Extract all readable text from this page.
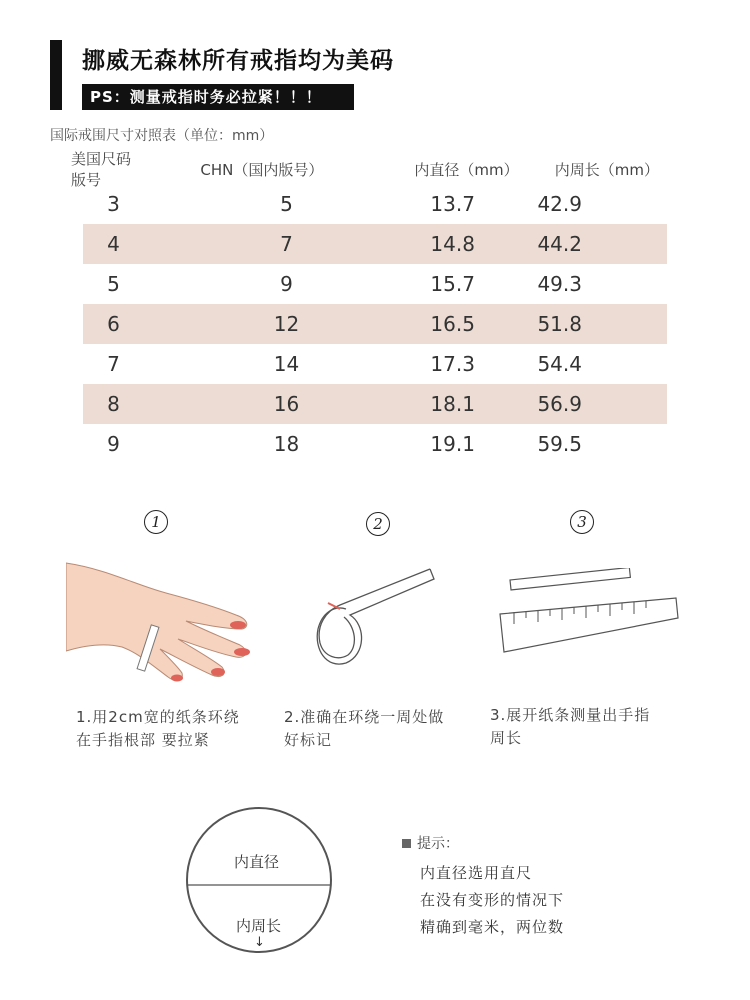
挪威无森林所有戒指均为美码
PS：测量戒指时务必拉紧！！！
国际戒围尺寸对照表（单位：mm）
美国尺码版号
CHN（国内版号）	内直径（mm）	内周长（mm）
3	5	13.7	42.9
4	7	14.8	44.2
5	9	15.7	49.3
6	12	16.5	51.8
7	14	17.3	54.4
8	16	18.1	56.9
9	18	19.1	59.5
1	2	3
1.用2cm宽的纸条环绕
在手指根部 要拉紧
2.准确在环绕一周处做
好标记
3.展开纸条测量出手指
周长
内直径
内周长
↓
提示：
内直径选用直尺
在没有变形的情况下
精确到毫米，两位数
